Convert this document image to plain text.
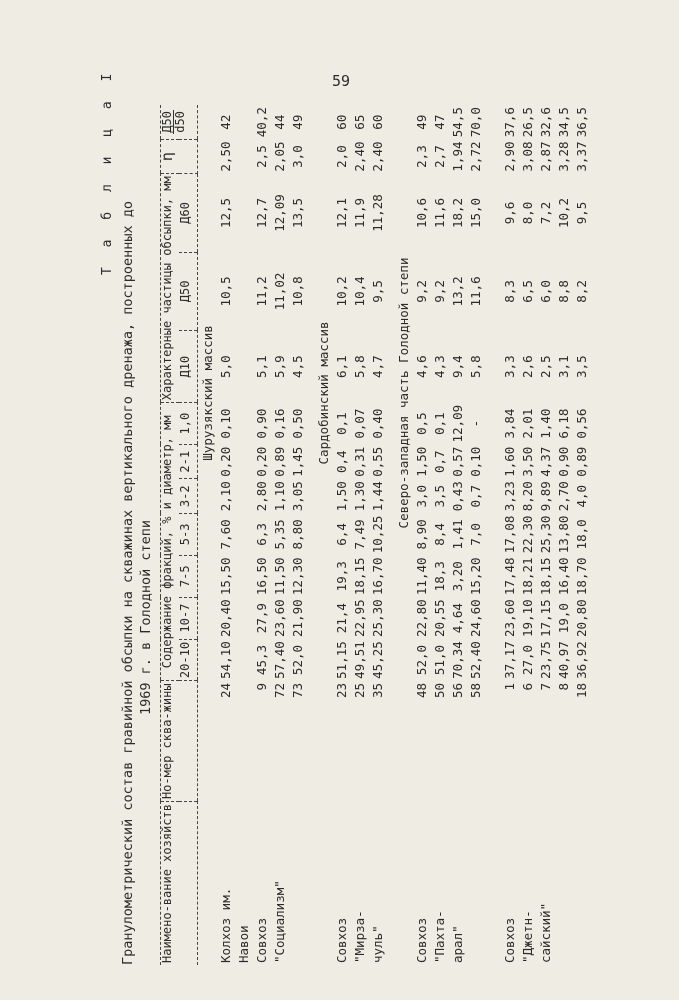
59
Т а б л и ц а I
Гранулометрический состав гравийной обсыпки на скважинах вертикального дренажа, построенных до 1969 г. в Голодной степи
Наимено-вание хозяйств	Но-мер сква-жины	Содержание фракций, % и диаметр, мм							Характерные частицы обсыпки, мм			η	Д50 d50

		20-10	10-7	7-5	5-3	3-2	2-1	1,0	Д10	Д50	Д60		
		Шурузякский массив											
Колхоз им.	24	54,10	20,40	15,50	7,60	2,10	0,20	0,10	5,0	10,5	12,5	2,50	42
Навои													
Совхоз	9	45,3	27,9	16,50	6,3	2,80	0,20	0,90	5,1	11,2	12,7	2,5	40,2
"Социализм"	72	57,40	23,60	11,50	5,35	1,10	0,89	0,16	5,9	11,02	12,09	2,05	44
	73	52,0	21,90	12,30	8,80	3,05	1,45	0,50	4,5	10,8	13,5	3,0	49

		Сардобинский массив											
Совхоз	23	51,15	21,4	19,3	6,4	1,50	0,4	0,1	6,1	10,2	12,1	2,0	60
"Мирза-	25	49,51	22,95	18,15	7,49	1,30	0,31	0,07	5,8	10,4	11,9	2,40	65
чуль"	35	45,25	25,30	16,70	10,25	1,44	0,55	0,40	4,7	9,5	11,28	2,40	60

		Северо-западная часть Голодной степи											
Совхоз	48	52,0	22,80	11,40	8,90	3,0	1,50	0,5	4,6	9,2	10,6	2,3	49
"Пахта-	50	51,0	20,55	18,3	8,4	3,5	0,7	0,1	4,3	9,2	11,6	2,7	47
арал"	56	70,34	4,64	3,20	1,41	0,43	0,57	12,09	9,4	13,2	18,2	1,94	54,5
	58	52,40	24,60	15,20	7,0	0,7	0,10	-	5,8	11,6	15,0	2,72	70,0

Совхоз	1	37,17	23,60	17,48	17,08	3,23	1,60	3,84	3,3	8,3	9,6	2,90	37,6
"Джетн-	6	27,0	19,10	18,21	22,30	8,20	3,50	2,01	2,6	6,5	8,0	3,08	26,5
сайский"	7	23,75	17,15	18,15	25,30	9,89	4,37	1,40	2,5	6,0	7,2	2,87	32,6
	8	40,97	19,0	16,40	13,80	2,70	0,90	6,18	3,1	8,8	10,2	3,28	34,5
	18	36,92	20,80	18,70	18,0	4,0	0,89	0,56	3,5	8,2	9,5	3,37	36,5
